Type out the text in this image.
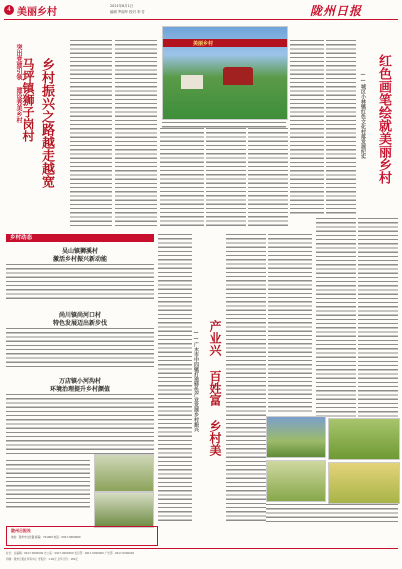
4 美丽乡村
2021年6月1日
编辑 罗丽华 校对 李 芳	陇州日报
突出党建引领 建设秀美乡村 乡村振兴之路越走越宽
马坪镇狮子岗村
美丽乡村
红色画笔绘就美丽乡村
——城区小林镇红色文化村落发展纪实
乡村动态
吴山镇狮溪村
激活乡村振兴新动能
尚川镇尚河口村
特色发展迈出新步伐
万店镇小河沟村
环境治理提升乡村颜值	产业兴 百姓富 乡村美
——广木市中四镇打造特色产业发展乡村振兴
陇州日报社
地址：陇州市文化路 邮编：721000 电话：0917-0000000
社长：总编辑：0917-0000000 办公室：0917-0000000 发行部：0917-0000000 广告部：0917-0000000
印刷：陇州日报社印务中心 零售价：1.00元 全年订价：180元
